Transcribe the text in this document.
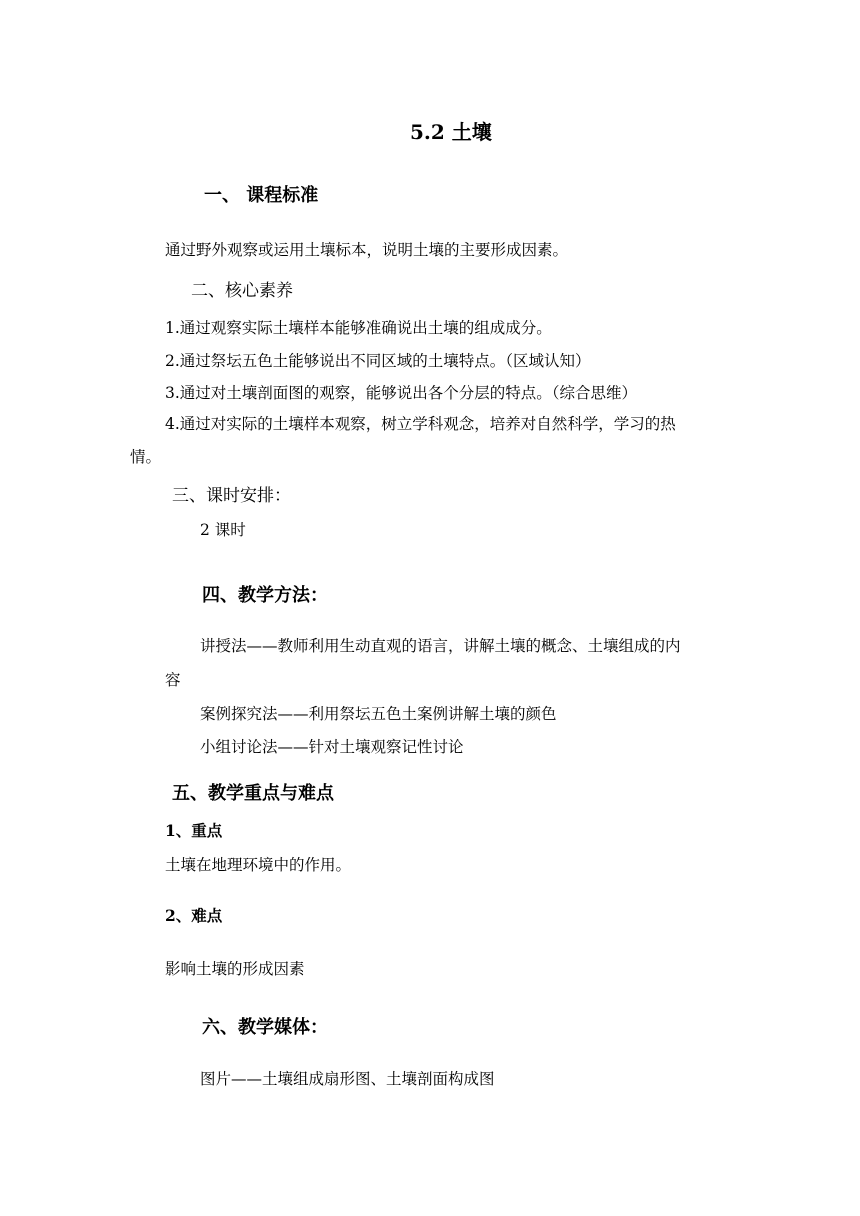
5.2 土壤
一、 课程标准
通过野外观察或运用土壤标本，说明土壤的主要形成因素。
二、核心素养
1.通过观察实际土壤样本能够准确说出土壤的组成成分。
2.通过祭坛五色土能够说出不同区域的土壤特点。（区域认知）
3.通过对土壤剖面图的观察，能够说出各个分层的特点。（综合思维）
4.通过对实际的土壤样本观察，树立学科观念，培养对自然科学，学习的热
情。
三、课时安排：
2 课时
四、教学方法：
讲授法——教师利用生动直观的语言，讲解土壤的概念、土壤组成的内
容
案例探究法——利用祭坛五色土案例讲解土壤的颜色
小组讨论法——针对土壤观察记性讨论
五、教学重点与难点
1、重点
土壤在地理环境中的作用。
2、难点
影响土壤的形成因素
六、教学媒体：
图片——土壤组成扇形图、土壤剖面构成图
